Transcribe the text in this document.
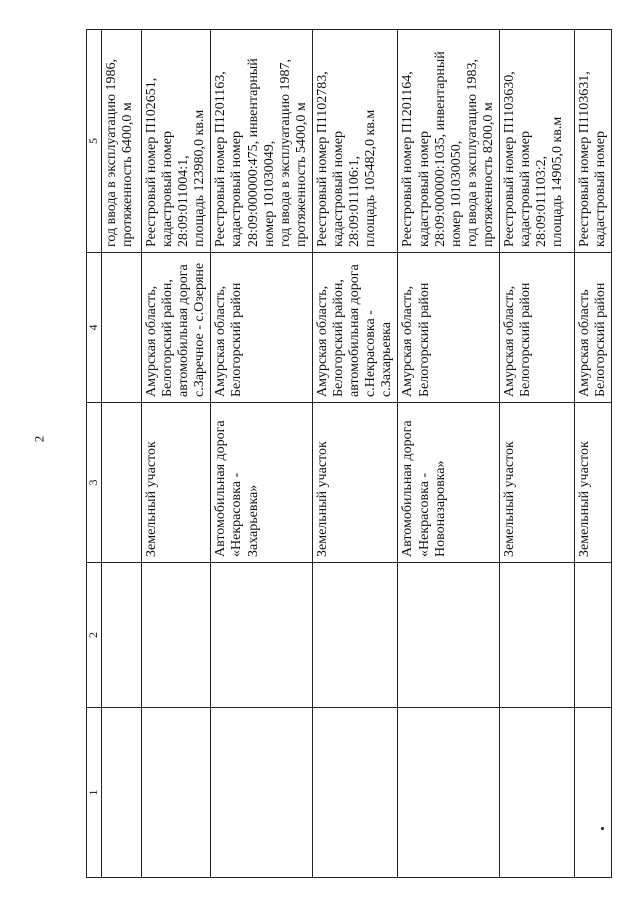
2
1	2	3	4	5

				год ввода в эксплуатацию 1986, протяженность 6400,0 м

		Земельный участок	Амурская область, Белогорский район, автомобильная дорога с.Заречное - с.Озеряне	Реестровый номер П102651, кадастровый номер 28:09:011004:1, площадь 123980,0 кв.м

		Автомобильная дорога «Некрасовка - Захарьевка»	Амурская область, Белогорский район	Реестровый номер П1201163, кадастровый номер 28:09:000000:475, инвентарный номер 101030049, год ввода в эксплуатацию 1987, протяженность 5400,0 м

		Земельный участок	Амурская область, Белогорский район, автомобильная дорога с.Некрасовка - с.Захарьевка	Реестровый номер П1102783, кадастровый номер 28:09:011106:1, площадь 105482,0 кв.м

		Автомобильная дорога «Некрасовка - Новоназаровка»	Амурская область, Белогорский район	Реестровый номер П1201164, кадастровый номер 28:09:000000:1035, инвентарный номер 101030050, год ввода в эксплуатацию 1983, протяженность 8200,0 м

		Земельный участок	Амурская область, Белогорский район	Реестровый номер П1103630, кадастровый номер 28:09:011103:2, площадь 14905,0 кв.м

		Земельный участок	Амурская область Белогорский район	Реестровый номер П1103631, кадастровый номер
